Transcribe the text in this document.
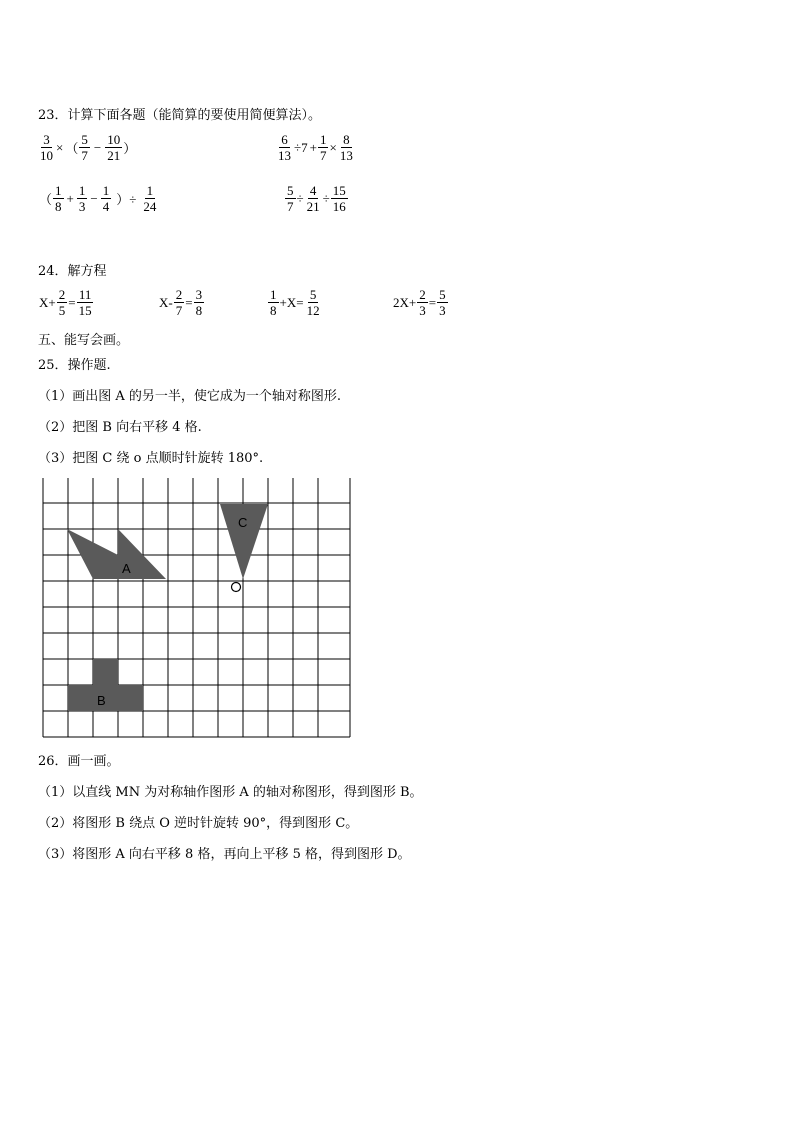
23．计算下面各题（能简算的要使用简便算法）。
$\frac{3}{10}$ × （ $\frac{5}{7} - \frac{10}{21}$ ）	$\frac{6}{13} \div 7 + \frac{1}{7} \times \frac{8}{13}$
（ $\frac{1}{8} + \frac{1}{3} - \frac{1}{4}$ ）÷ $\frac{1}{24}$	$\frac{5}{7} \div \frac{4}{21} \div \frac{15}{16}$
24．解方程
$X+ \frac{2}{5} = \frac{11}{15}$	$X- \frac{2}{7} = \frac{3}{8}$	$\frac{1}{8} +X= \frac{5}{12}$	$2X+ \frac{2}{3} = \frac{5}{3}$
五、能写会画。
25．操作题.
（1）画出图 A 的另一半，使它成为一个轴对称图形.
（2）把图 B 向右平移 4 格.
（3）把图 C 绕 o 点顺时针旋转 180°.
A
C
B
26．画一画。
（1）以直线 MN 为对称轴作图形 A 的轴对称图形，得到图形 B。
（2）将图形 B 绕点 O 逆时针旋转 90°，得到图形 C。
（3）将图形 A 向右平移 8 格，再向上平移 5 格，得到图形 D。
